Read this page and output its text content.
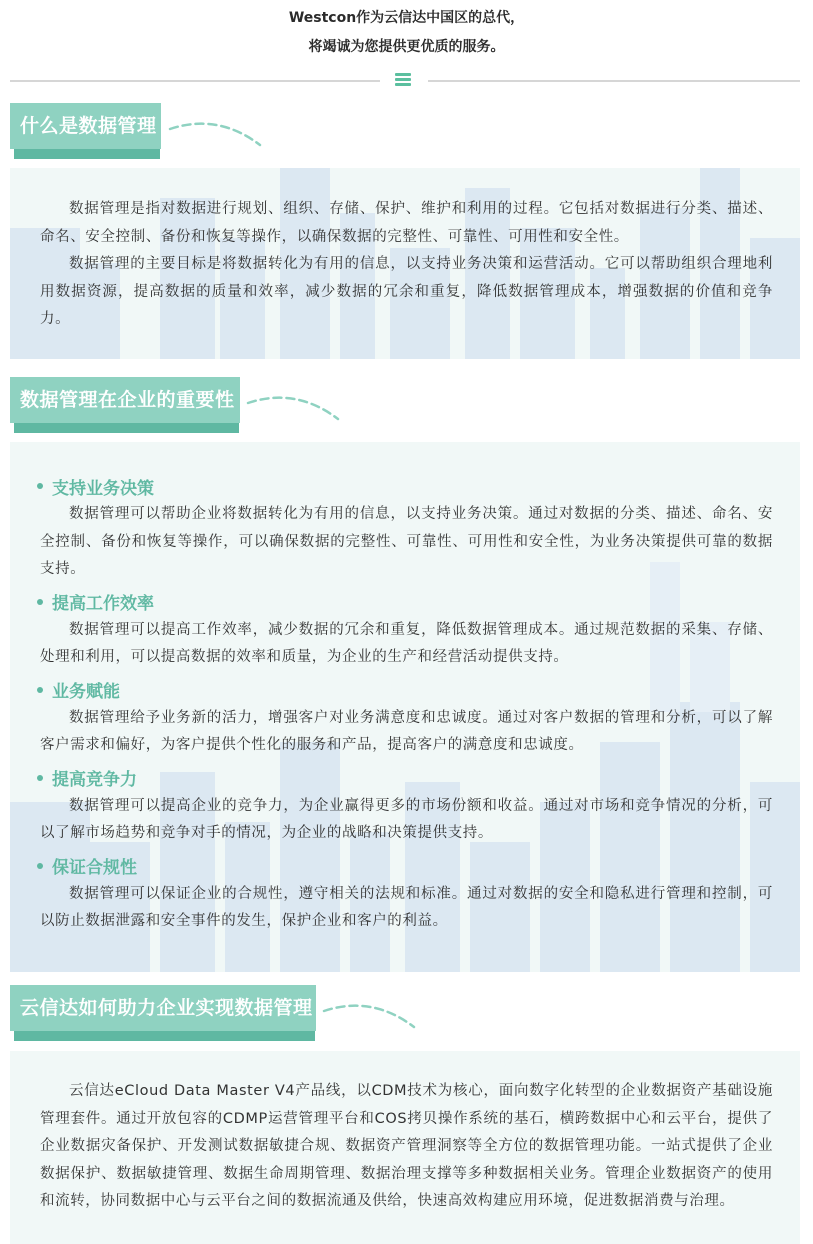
Westcon作为云信达中国区的总代，

将竭诚为您提供更优质的服务。

什么是数据管理

数据管理是指对数据进行规划、组织、存储、保护、维护和利用的过程。它包括对数据进行分类、描述、命名、安全控制、备份和恢复等操作，以确保数据的完整性、可靠性、可用性和安全性。

数据管理的主要目标是将数据转化为有用的信息，以支持业务决策和运营活动。它可以帮助组织合理地利用数据资源，提高数据的质量和效率，减少数据的冗余和重复，降低数据管理成本，增强数据的价值和竞争力。

数据管理在企业的重要性
支持业务决策

数据管理可以帮助企业将数据转化为有用的信息，以支持业务决策。通过对数据的分类、描述、命名、安全控制、备份和恢复等操作，可以确保数据的完整性、可靠性、可用性和安全性，为业务决策提供可靠的数据支持。

提高工作效率

数据管理可以提高工作效率，减少数据的冗余和重复，降低数据管理成本。通过规范数据的采集、存储、处理和利用，可以提高数据的效率和质量，为企业的生产和经营活动提供支持。

业务赋能

数据管理给予业务新的活力，增强客户对业务满意度和忠诚度。通过对客户数据的管理和分析，可以了解客户需求和偏好，为客户提供个性化的服务和产品，提高客户的满意度和忠诚度。

提高竞争力

数据管理可以提高企业的竞争力，为企业赢得更多的市场份额和收益。通过对市场和竞争情况的分析，可以了解市场趋势和竞争对手的情况，为企业的战略和决策提供支持。

保证合规性

数据管理可以保证企业的合规性，遵守相关的法规和标准。通过对数据的安全和隐私进行管理和控制，可以防止数据泄露和安全事件的发生，保护企业和客户的利益。

云信达如何助力企业实现数据管理

云信达eCloud Data Master V4产品线，以CDM技术为核心，面向数字化转型的企业数据资产基础设施管理套件。通过开放包容的CDMP运营管理平台和COS拷贝操作系统的基石，横跨数据中心和云平台，提供了企业数据灾备保护、开发测试数据敏捷合规、数据资产管理洞察等全方位的数据管理功能。一站式提供了企业数据保护、数据敏捷管理、数据生命周期管理、数据治理支撑等多种数据相关业务。管理企业数据资产的使用和流转，协同数据中心与云平台之间的数据流通及供给，快速高效构建应用环境，促进数据消费与治理。
